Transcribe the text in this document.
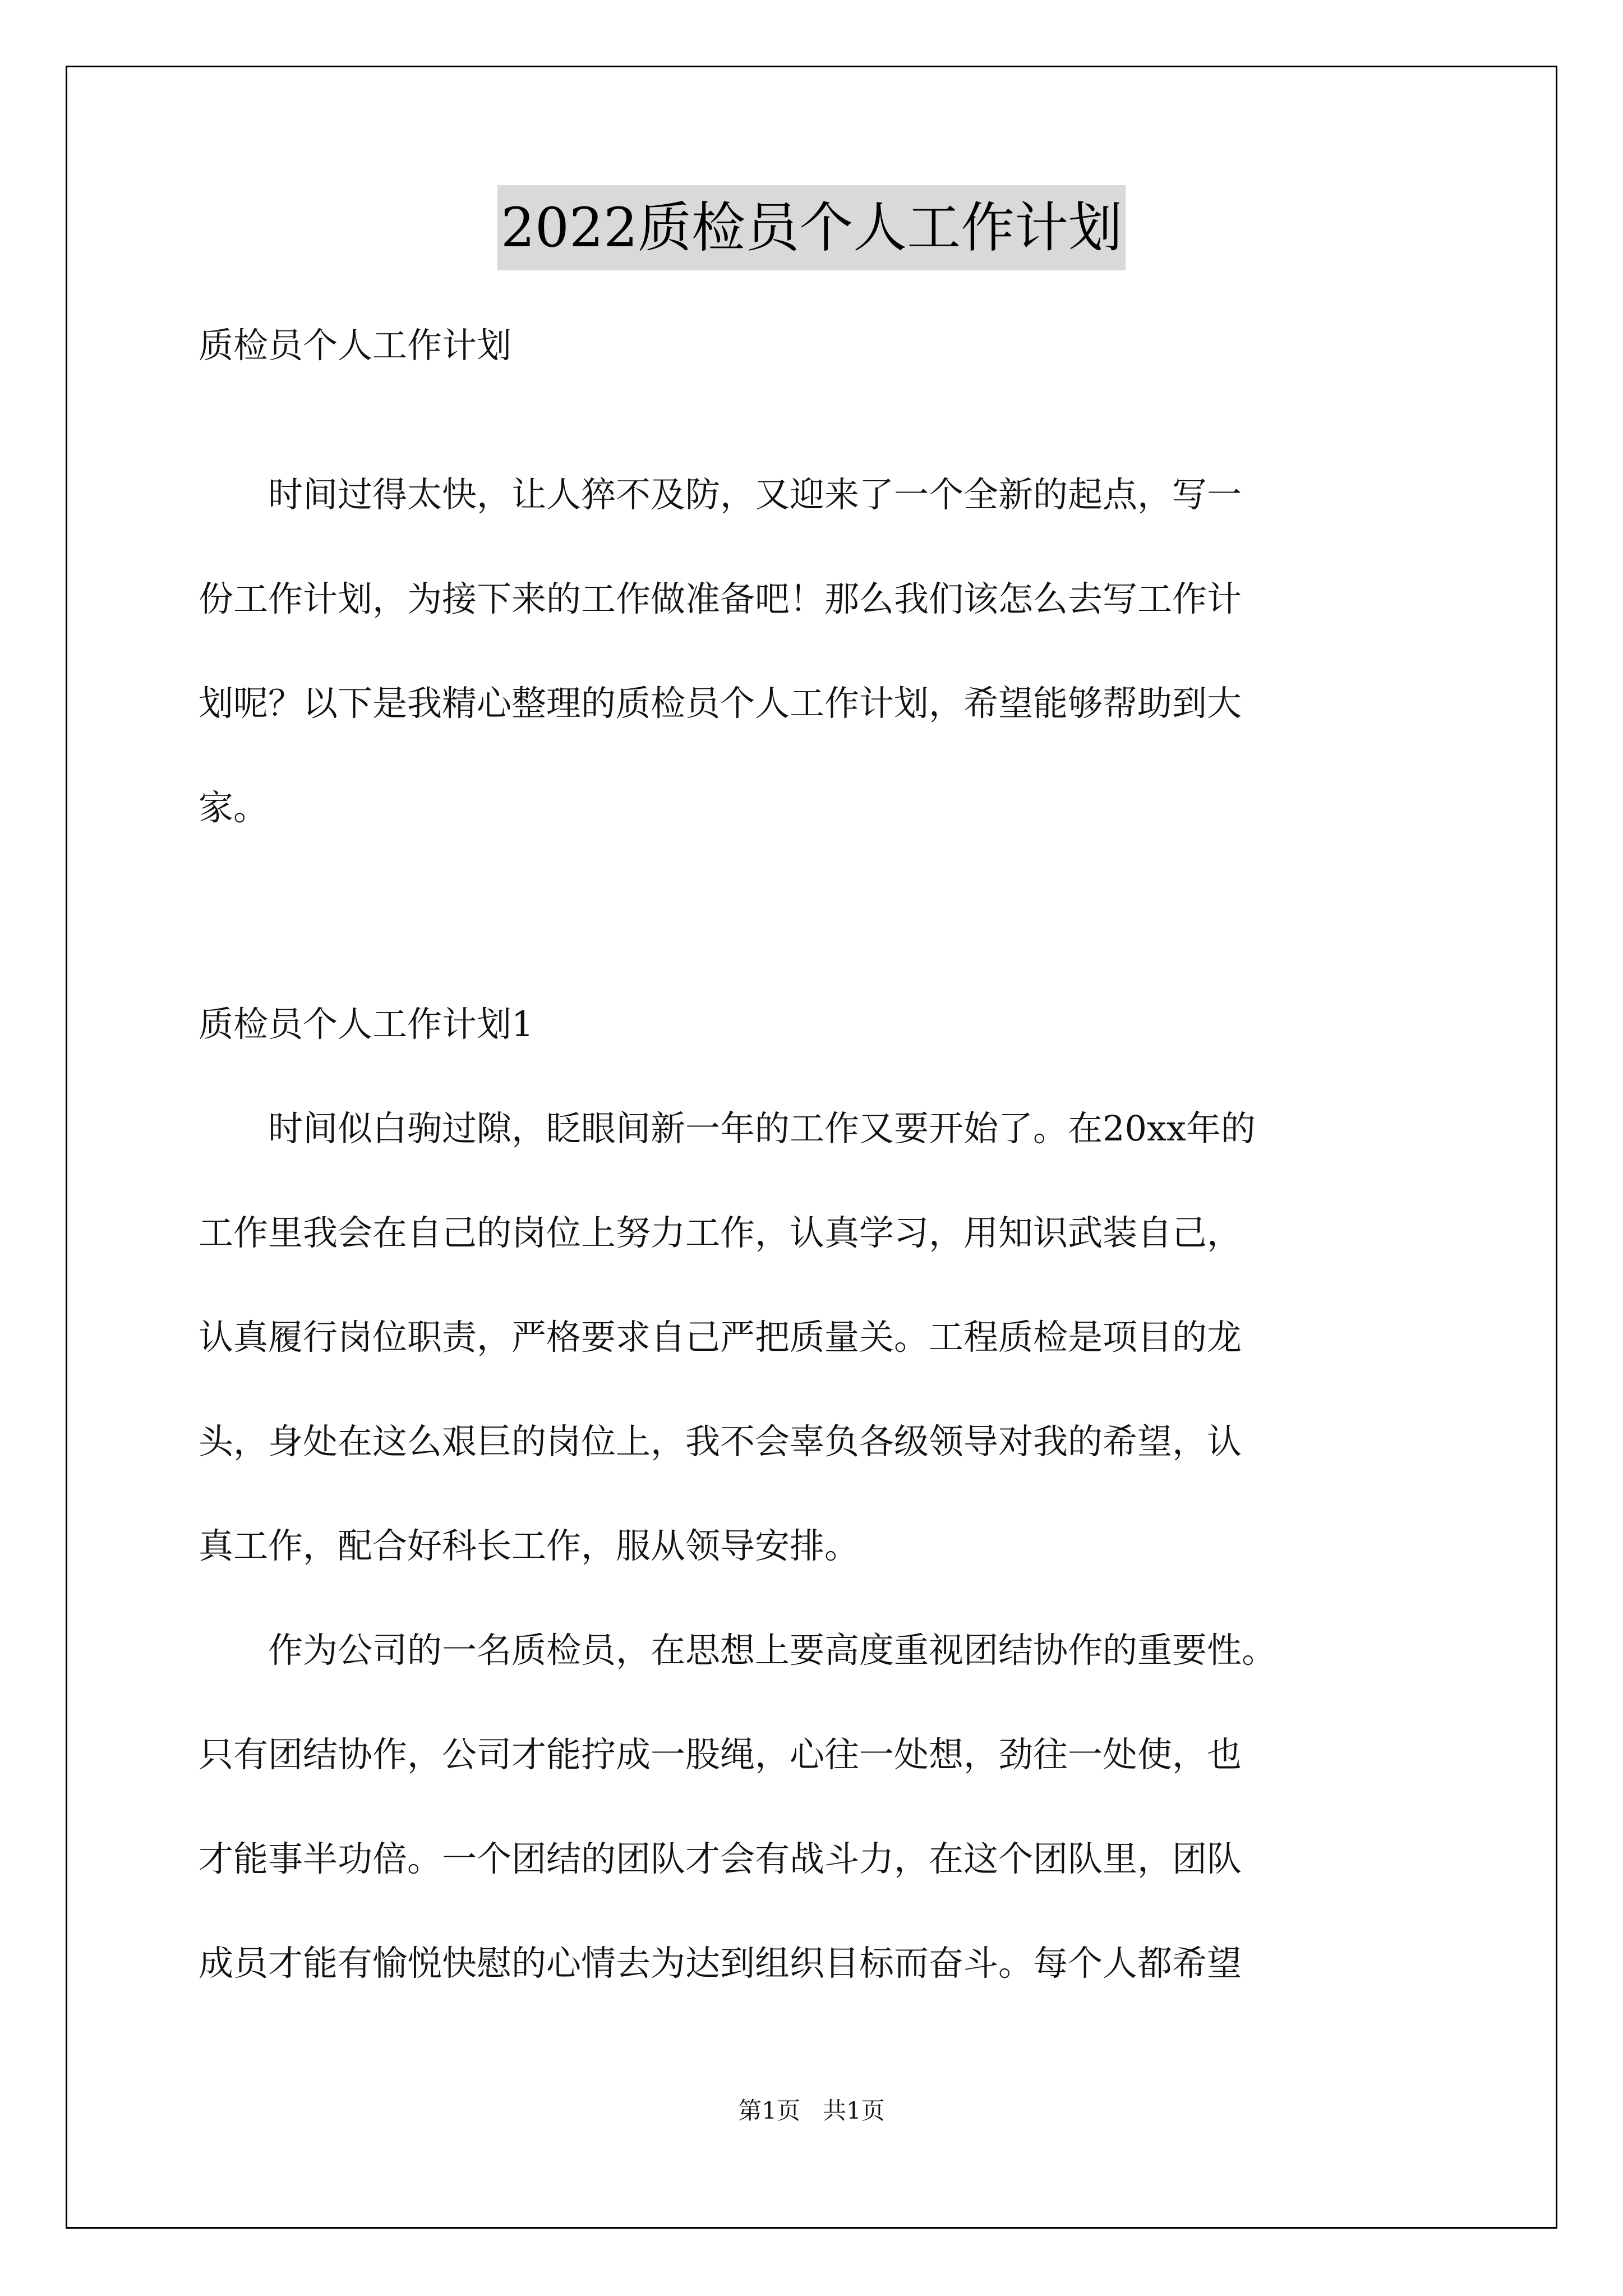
2022质检员个人工作计划
质检员个人工作计划
　　时间过得太快，让人猝不及防，又迎来了一个全新的起点，写一
份工作计划，为接下来的工作做准备吧！那么我们该怎么去写工作计
划呢？以下是我精心整理的质检员个人工作计划，希望能够帮助到大
家。
质检员个人工作计划1
　　时间似白驹过隙，眨眼间新一年的工作又要开始了。在20xx年的
工作里我会在自己的岗位上努力工作，认真学习，用知识武装自己，
认真履行岗位职责，严格要求自己严把质量关。工程质检是项目的龙
头，身处在这么艰巨的岗位上，我不会辜负各级领导对我的希望，认
真工作，配合好科长工作，服从领导安排。
　　作为公司的一名质检员，在思想上要高度重视团结协作的重要性。
只有团结协作，公司才能拧成一股绳，心往一处想，劲往一处使，也
才能事半功倍。一个团结的团队才会有战斗力，在这个团队里，团队
成员才能有愉悦快慰的心情去为达到组织目标而奋斗。每个人都希望
第1页 共1页
